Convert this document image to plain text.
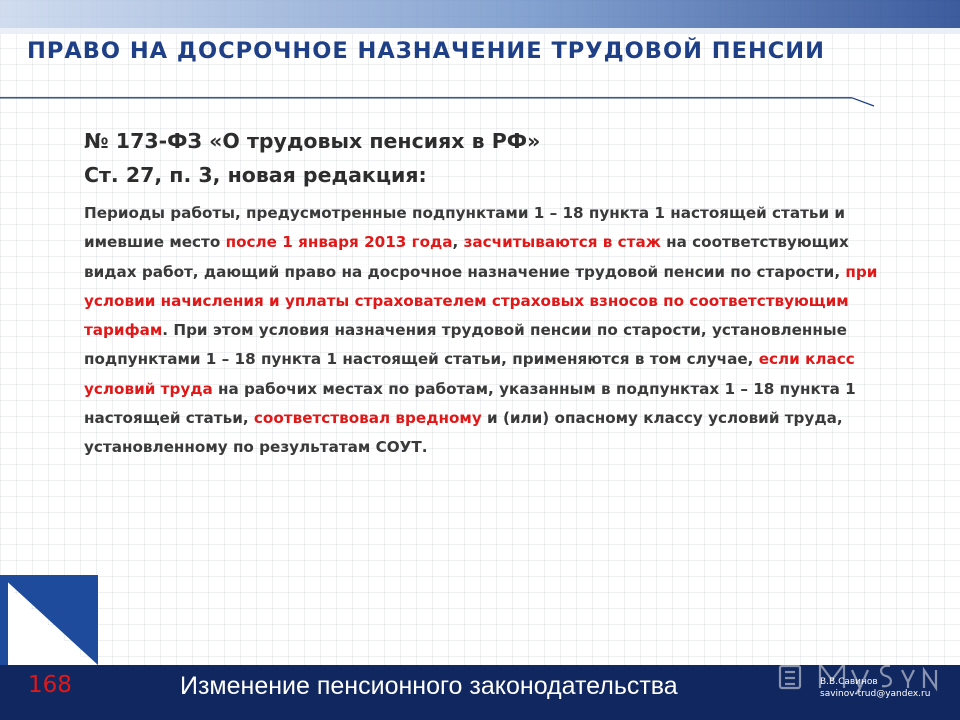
ПРАВО НА ДОСРОЧНОЕ НАЗНАЧЕНИЕ ТРУДОВОЙ ПЕНСИИ
№ 173-ФЗ «О трудовых пенсиях в РФ»
Ст. 27, п. 3, новая редакция:
Периоды работы, предусмотренные подпунктами 1 – 18 пункта 1 настоящей статьи и имевшие место после 1 января 2013 года, засчитываются в стаж на соответствующих видах работ, дающий право на досрочное назначение трудовой пенсии по старости, при условии начисления и уплаты страхователем страховых взносов по соответствующим тарифам. При этом условия назначения трудовой пенсии по старости, установленные подпунктами 1 – 18 пункта 1 настоящей статьи, применяются в том случае, если класс условий труда на рабочих местах по работам, указанным в подпунктах 1 – 18 пункта 1 настоящей статьи, соответствовал вредному и (или) опасному классу условий труда, установленному по результатам СОУТ.
168	Изменение пенсионного законодательства	В.В.Савинов
savinov-trud@yandex.ru
